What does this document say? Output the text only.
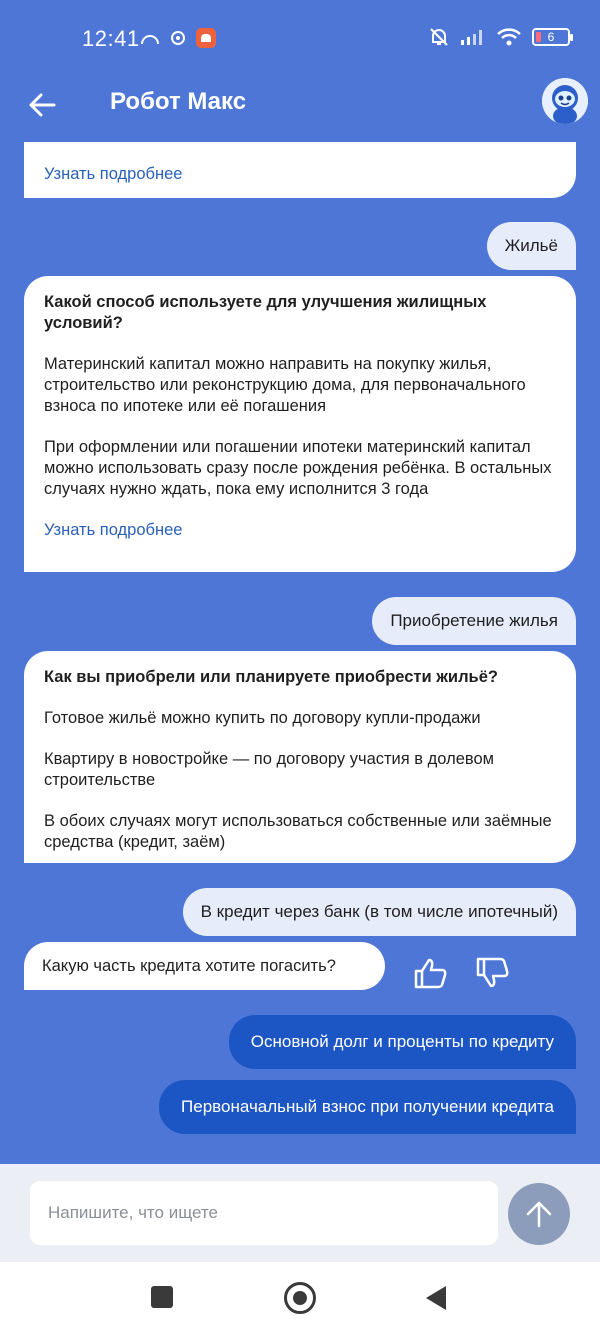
12:41	6
Робот Макс
Узнать подробнее
Жильё
Какой способ используете для улучшения жилищных условий?
Материнский капитал можно направить на покупку жилья, строительство или реконструкцию дома, для первоначального взноса по ипотеке или её погашения
При оформлении или погашении ипотеки материнский капитал можно использовать сразу после рождения ребёнка. В остальных случаях нужно ждать, пока ему исполнится 3 года
Узнать подробнее
Приобретение жилья
Как вы приобрели или планируете приобрести жильё?
Готовое жильё можно купить по договору купли-продажи
Квартиру в новостройке — по договору участия в долевом строительстве
В обоих случаях могут использоваться собственные или заёмные средства (кредит, заём)
В кредит через банк (в том числе ипотечный)
Какую часть кредита хотите погасить?
Основной долг и проценты по кредиту
Первоначальный взнос при получении кредита
Напишите, что ищете
